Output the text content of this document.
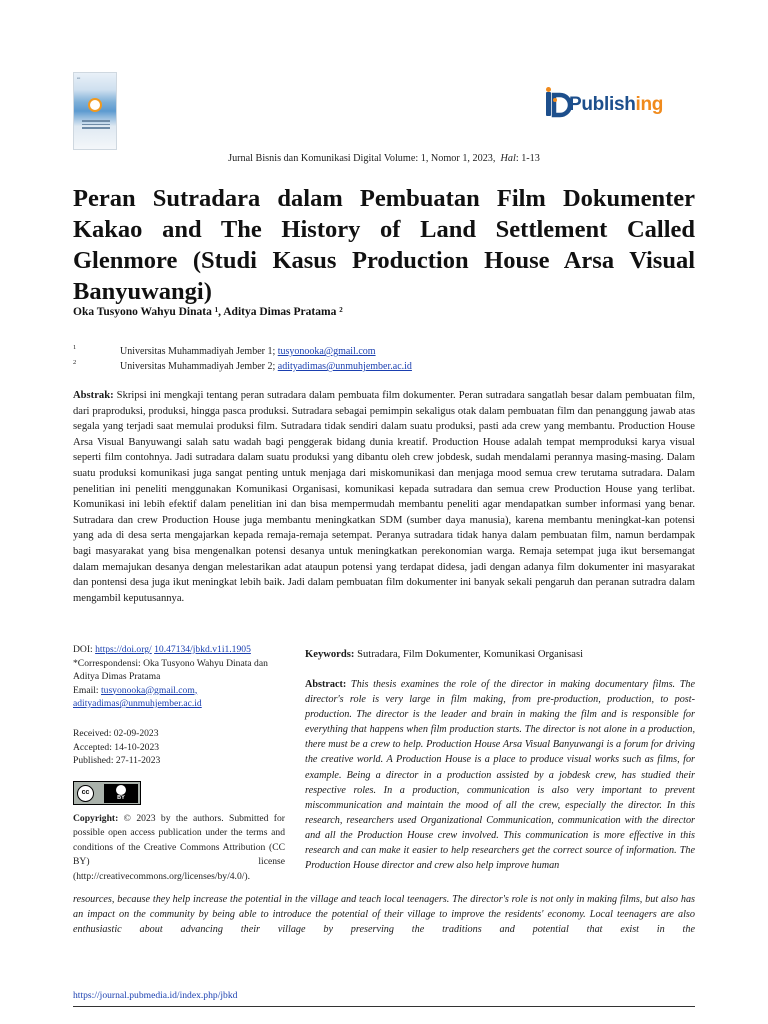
▪▪▪
Publishing
Jurnal Bisnis dan Komunikasi Digital Volume: 1, Nomor 1, 2023, Hal: 1-13
Peran Sutradara dalam Pembuatan Film Dokumenter Kakao and The History of Land Settlement Called Glenmore (Studi Kasus Production House Arsa Visual Banyuwangi)
Oka Tusyono Wahyu Dinata ¹, Aditya Dimas Pratama ²
1	Universitas Muhammadiyah Jember 1; tusyonooka@gmail.com
2	Universitas Muhammadiyah Jember 2; adityadimas@unmuhjember.ac.id
Abstrak: Skripsi ini mengkaji tentang peran sutradara dalam pembuata film dokumenter. Peran sutradara sangatlah besar dalam pembuatan film, dari praproduksi, produksi, hingga pasca produksi. Sutradara sebagai pemimpin sekaligus otak dalam pembuatan film dan penanggung jawab atas segala yang terjadi saat memulai produksi film. Sutradara tidak sendiri dalam suatu produksi, pasti ada crew yang membantu. Production House Arsa Visual Banyuwangi salah satu wadah bagi penggerak bidang dunia kreatif. Production House adalah tempat memproduksi karya visual seperti film contohnya. Jadi sutradara dalam suatu produksi yang dibantu oleh crew jobdesk, sudah mendalami perannya masing-masing. Dalam suatu produksi komunikasi juga sangat penting untuk menjaga dari miskomunikasi dan menjaga mood semua crew terutama sutradara. Dalam penelitian ini peneliti menggunakan Komunikasi Organisasi, komunikasi kepada sutradara dan semua crew Production House yang terlibat. Komunikasi ini lebih efektif dalam penelitian ini dan bisa mempermudah membantu peneliti agar mendapatkan sumber informasi yang benar. Sutradara dan crew Production House juga membantu meningkatkan SDM (sumber daya manusia), karena membantu meningkat-kan potensi yang ada di desa serta mengajarkan kepada remaja-remaja setempat. Peranya sutradara tidak hanya dalam pembuatan film, namun berdampak bagi masyarakat yang bisa mengenalkan potensi desanya untuk meningkatkan perekonomian warga. Remaja setempat juga ikut bersemangat dalam memajukan desanya dengan melestarikan adat ataupun potensi yang terdapat didesa, jadi dengan adanya film dokumenter ini masyarakat dan pontensi desa juga ikut meningkat lebih baik. Jadi dalam pembuatan film dokumenter ini banyak sekali pengaruh dan peranan sutradra dalam mengambil keputusannya.
DOI: https://doi.org/ 10.47134/jbkd.v1i1.1905
*Correspondensi: Oka Tusyono Wahyu Dinata dan Aditya Dimas Pratama
Email: tusyonooka@gmail.com,
adityadimas@unmuhjember.ac.id
Received: 02-09-2023
Accepted: 14-10-2023
Published: 27-11-2023
cc
BY
Copyright: © 2023 by the authors. Submitted for possible open access publication under the terms and conditions of the Creative Commons Attribution (CC BY) license (http://creativecommons.org/licenses/by/4.0/).
Keywords: Sutradara, Film Dokumenter, Komunikasi Organisasi
Abstract: This thesis examines the role of the director in making documentary films. The director's role is very large in film making, from pre-production, production, to post-production. The director is the leader and brain in making the film and is responsible for everything that happens when film production starts. The director is not alone in a production, there must be a crew to help. Production House Arsa Visual Banyuwangi is a forum for driving the creative world. A Production House is a place to produce visual works such as films, for example. Being a director in a production assisted by a jobdesk crew, has studied their respective roles. In a production, communication is also very important to prevent miscommunication and maintain the mood of all the crew, especially the director. In this research, researchers used Organizational Communication, communication with the director and all the Production House crew involved. This communication is more effective in this research and can make it easier to help researchers get the correct source of information. The Production House director and crew also help improve human
resources, because they help increase the potential in the village and teach local teenagers. The director's role is not only in making films, but also has an impact on the community by being able to introduce the potential of their village to improve the residents' economy. Local teenagers are also enthusiastic about advancing their village by preserving the traditions and potential that exist in the
https://journal.pubmedia.id/index.php/jbkd
